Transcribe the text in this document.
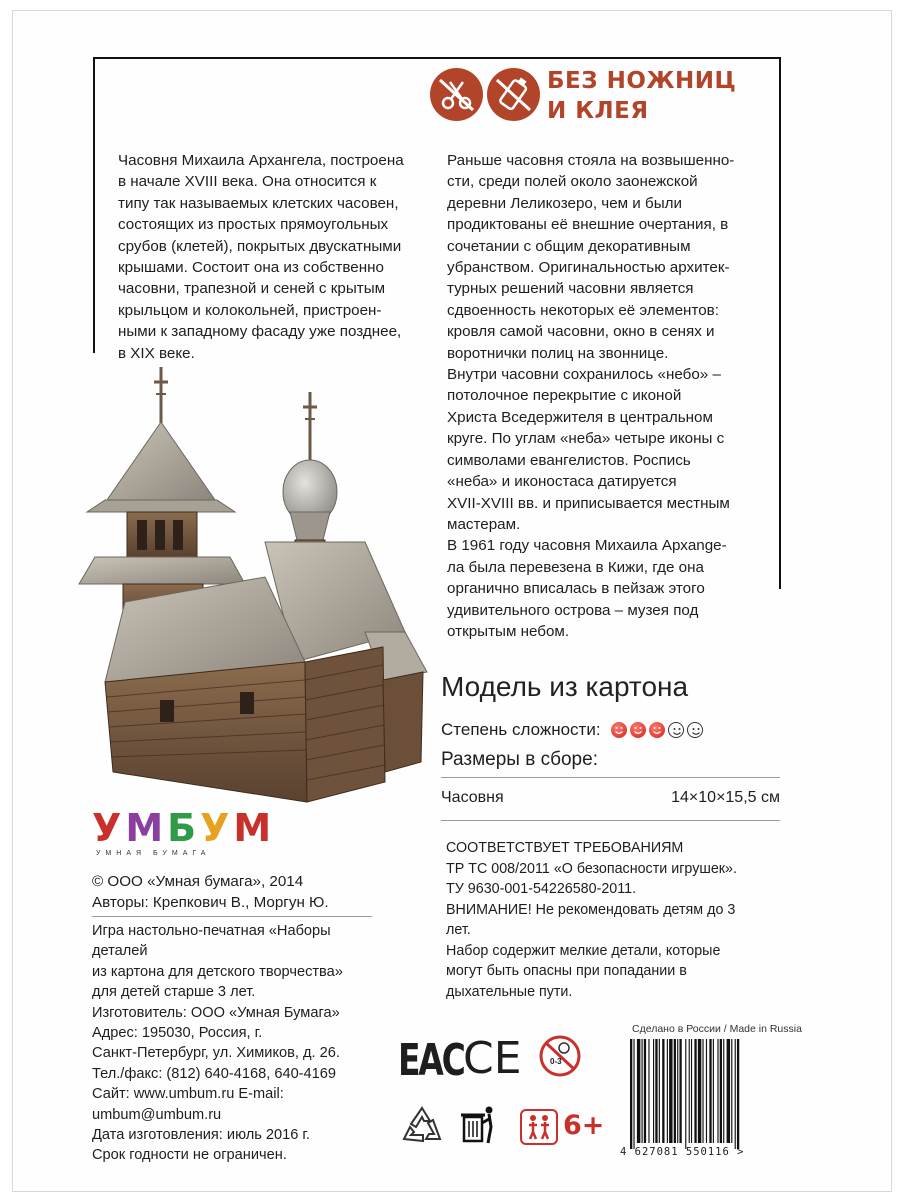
БЕЗ НОЖНИЦ
И КЛЕЯ
Часовня Михаила Архангела, построена
в начале XVIII века. Она относится к
типу так называемых клетских часовен,
состоящих из простых прямоугольных
срубов (клетей), покрытых двускатными
крышами. Состоит она из собственно
часовни, трапезной и сеней с крытым
крыльцом и колокольней, пристроен-
ными к западному фасаду уже позднее,
в XIX веке.
Раньше часовня стояла на возвышенно-
сти, среди полей около заонежской
деревни Леликозеро, чем и были
продиктованы её внешние очертания, в
сочетании с общим декоративным
убранством. Оригинальностью архитек-
турных решений часовни является
сдвоенность некоторых её элементов:
кровля самой часовни, окно в сенях и
воротнички полиц на звоннице.
Внутри часовни сохранилось «небо» –
потолочное перекрытие с иконой
Христа Вседержителя в центральном
круге. По углам «неба» четыре иконы с
символами евангелистов. Роспись
«неба» и иконостаса датируется
XVII-XVIII вв. и приписывается местным
мастерам.
В 1961 году часовня Михаила Архange-
ла была перевезена в Кижи, где она
органично вписалась в пейзаж этого
удивительного острова – музея под
открытым небом.
Модель из картона
Степень сложности:
Размеры в сборе:
Часовня	14×10×15,5 см
СООТВЕТСТВУЕТ ТРЕБОВАНИЯМ
ТР ТС 008/2011 «О безопасности игрушек».
ТУ 9630-001-54226580-2011.
ВНИМАНИЕ! Не рекомендовать детям до 3
лет.
Набор содержит мелкие детали, которые
могут быть опасны при попадании в
дыхательные пути.
У М Б У М
УМНАЯ БУМАГА
© ООО «Умная бумага», 2014
Авторы: Крепкович В., Моргун Ю.
Игра настольно-печатная «Наборы
деталей
из картона для детского творчества»
для детей старше 3 лет.
Изготовитель: ООО «Умная Бумага»
Адрес: 195030, Россия, г.
Санкт-Петербург, ул. Химиков, д. 26.
Тел./факс: (812) 640-4168, 640-4169
Сайт: www.umbum.ru E-mail:
umbum@umbum.ru
Дата изготовления: июль 2016 г.
Срок годности не ограничен.
EAC CE	0-3
6+
Сделано в России / Made in Russia
4 627081 550116 >
